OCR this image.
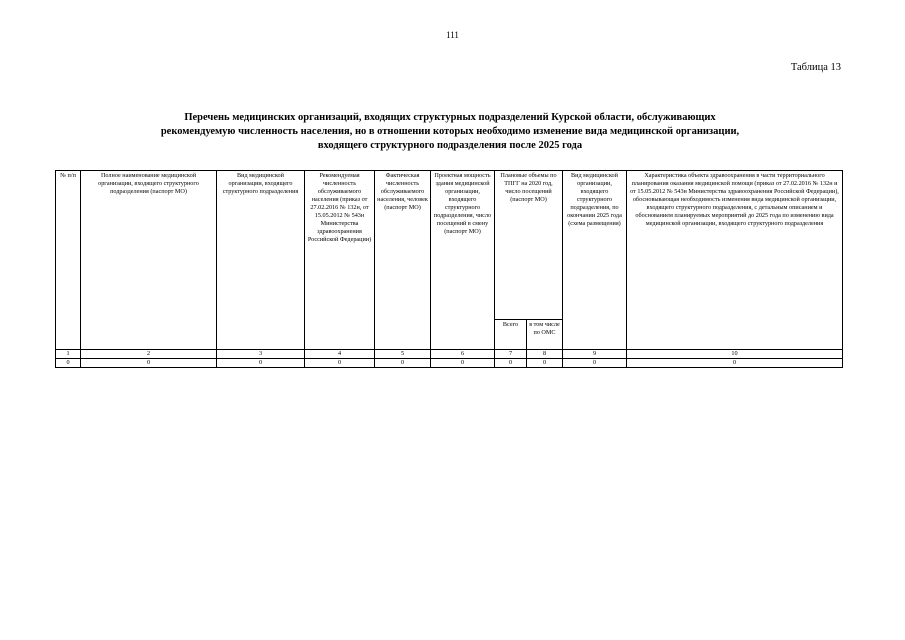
111
Таблица 13
Перечень медицинских организаций, входящих структурных подразделений Курской области, обслуживающих рекомендуемую численность населения, но в отношении которых необходимо изменение вида медицинской организации, входящего структурного подразделения после 2025 года
№ п/п	Полное наименование медицинской организации, входящего структурного подразделения (паспорт МО)	Вид медицинской организации, входящего структурного подразделения	Рекомендуемая численность обслуживаемого населения (приказ от 27.02.2016 № 132н, от 15.05.2012 № 543н Министерства здравоохранения Российской Федерации)	Фактическая численность обслуживаемого населения, человек (паспорт МО)	Проектная мощность здания медицинской организации, входящего структурного подразделения, число посещений в смену (паспорт МО)	Плановые объемы по ТПГГ на 2020 год, число посещений (паспорт МО)		Вид медицинской организации, входящего структурного подразделения, по окончании 2025 года (схема размещения)	Характеристика объекта здравоохранения в части территориального планирования оказания медицинской помощи (приказ от 27.02.2016 № 132н и от 15.05.2012 № 543н Министерства здравоохранения Российской Федерации), обосновывающая необходимость изменения вида медицинской организации, входящего структурного подразделения, с детальным описанием и обоснованием планируемых мероприятий до 2025 года по изменению вида медицинской организации, входящего структурного подразделения
						Всего	в том числе по ОМС		
1	2	3	4	5	6	7	8	9	10
0	0	0	0	0	0	0	0	0	0
